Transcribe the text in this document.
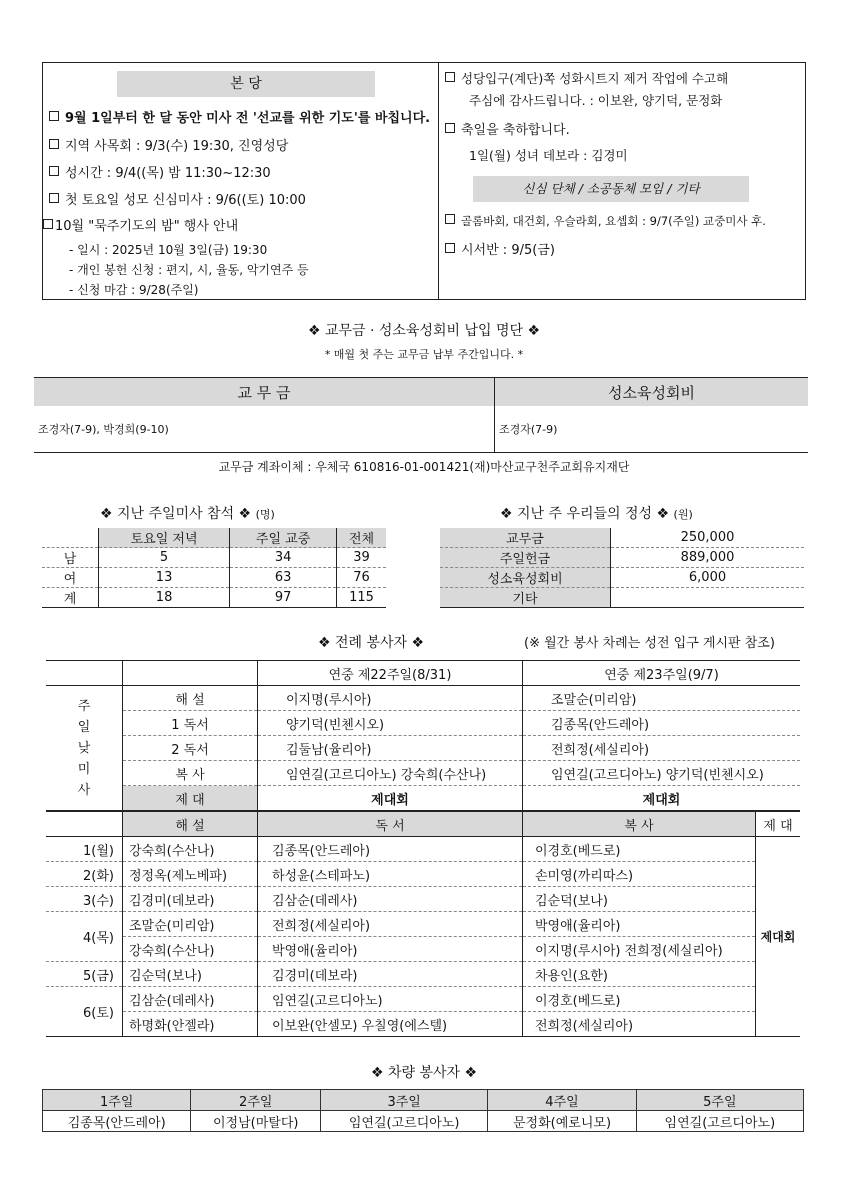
본 당
9월 1일부터 한 달 동안 미사 전 '선교를 위한 기도'를 바칩니다.
지역 사목회 : 9/3(수) 19:30, 진영성당
성시간 : 9/4((목) 밤 11:30~12:30
첫 토요일 성모 신심미사 : 9/6((토) 10:00
10월 "묵주기도의 밤" 행사 안내
- 일시 : 2025년 10월 3일(금) 19:30
- 개인 봉헌 신청 : 편지, 시, 율동, 악기연주 등
- 신청 마감 : 9/28(주일)
성당입구(계단)쪽 성화시트지 제거 작업에 수고해
주심에 감사드립니다. : 이보완, 양기덕, 문정화
축일을 축하합니다.
1일(월) 성녀 데보라 : 김경미
신심 단체 / 소공동체 모임 / 기타
골롬바회, 대건회, 우슬라회, 요셉회 : 9/7(주일) 교중미사 후.
시서반 : 9/5(금)
❖ 교무금 · 성소육성회비 납입 명단 ❖
* 매월 첫 주는 교무금 납부 주간입니다. *
교 무 금	성소육성회비
조경자(7-9), 박경희(9-10)	조경자(7-9)
교무금 계좌이체 : 우체국 610816-01-001421(재)마산교구천주교회유지재단
❖ 지난 주일미사 참석 ❖ (명)
	토요일 저녁	주일 교중	전체
남	5	34	39
여	13	63	76
계	18	97	115
❖ 지난 주 우리들의 정성 ❖ (원)
교무금	250,000
주일헌금	889,000
성소육성회비	6,000
기타	
❖ 전례 봉사자 ❖	(※ 월간 봉사 차례는 성전 입구 게시판 참조)
		연중 제22주일(8/31)	연중 제23주일(9/7)

주일낮미사	해 설	이지명(루시아)	조말순(미리암)
	1 독서	양기덕(빈첸시오)	김종목(안드레아)
	2 독서	김둘남(율리아)	전희정(세실리아)
	복 사	임연길(고르디아노) 강숙희(수산나)	임연길(고르디아노) 양기덕(빈첸시오)
	제 대	제대회	제대회
	해 설	독 서	복 사	제 대
1(월)	강숙희(수산나)	김종목(안드레아)	이경호(베드로)	제대회
2(화)	정정옥(제노베파)	하성윤(스테파노)	손미영(까리따스)	
3(수)	김경미(데보라)	김삼순(데레사)	김순덕(보나)	
4(목)	조말순(미리암)	전희정(세실리아)	박영애(율리아)	
	강숙희(수산나)	박영애(율리아)	이지명(루시아) 전희정(세실리아)	
5(금)	김순덕(보나)	김경미(데보라)	차용인(요한)	
6(토)	김삼순(데레사)	임연길(고르디아노)	이경호(베드로)	
	하명화(안젤라)	이보완(안셀모) 우칠영(에스텔)	전희정(세실리아)	
❖ 차량 봉사자 ❖
1주일	2주일	3주일	4주일	5주일
김종목(안드레아)	이정남(마탈다)	임연길(고르디아노)	문정화(예로니모)	임연길(고르디아노)
